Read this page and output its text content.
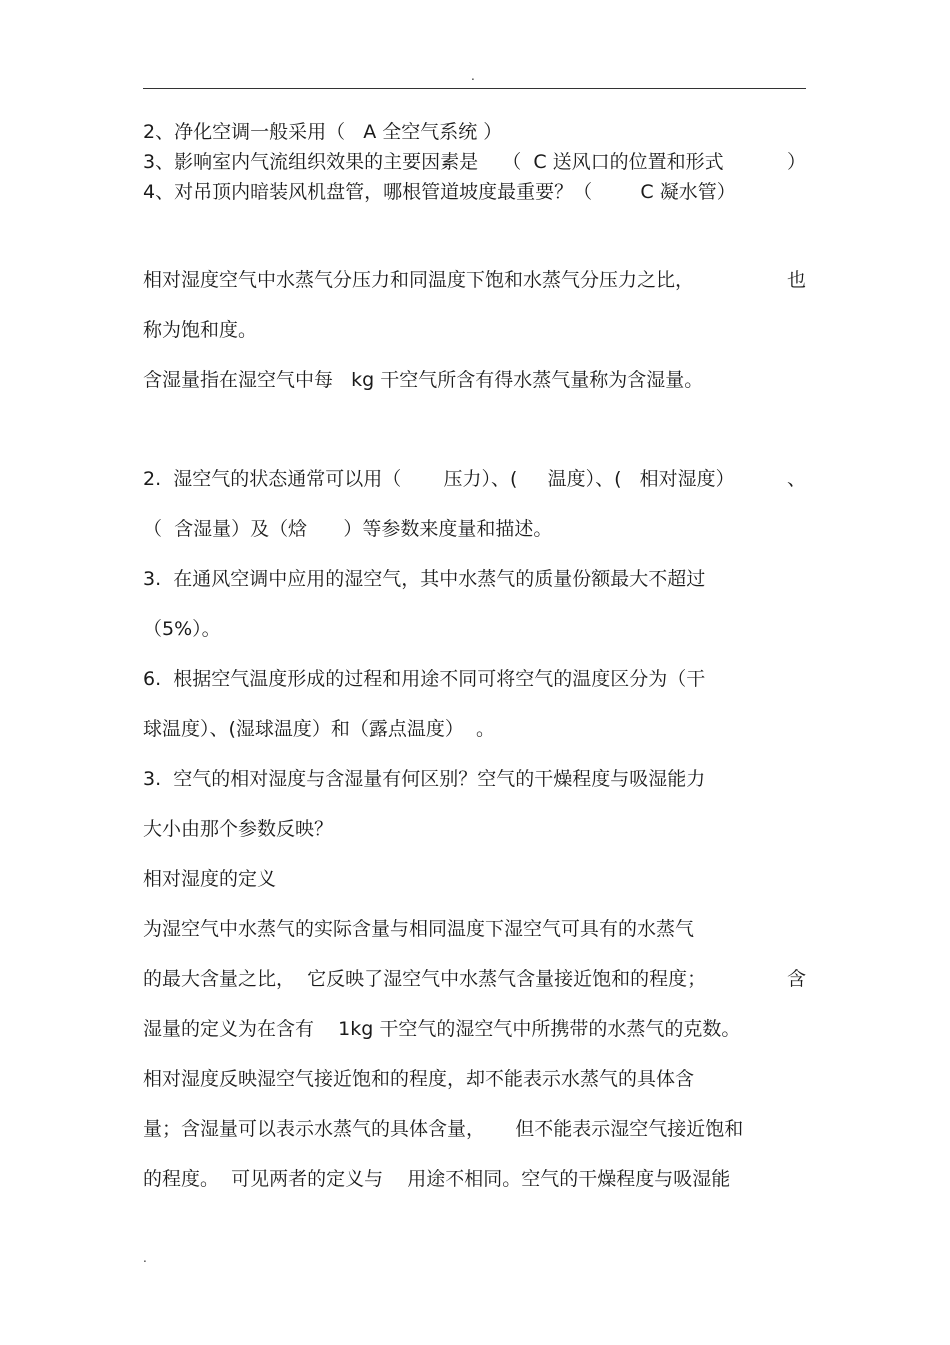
.
2、净化空调一般采用（   A 全空气系统 ）
3、影响室内气流组织效果的主要因素是    （  C 送风口的位置和形式	）
4、对吊顶内暗装风机盘管，哪根管道坡度最重要？（        C 凝水管）
相对湿度空气中水蒸气分压力和同温度下饱和水蒸气分压力之比，	也
称为饱和度。
含湿量指在湿空气中每   kg 干空气所含有得水蒸气量称为含湿量。
2.  湿空气的状态通常可以用（       压力）、(     温度）、(   相对湿度）	、
（  含湿量）及（焓      ）等参数来度量和描述。
3.  在通风空调中应用的湿空气，其中水蒸气的质量份额最大不超过
（5%）。
6.  根据空气温度形成的过程和用途不同可将空气的温度区分为（干
球温度）、(湿球温度）和（露点温度）  。
3.  空气的相对湿度与含湿量有何区别？空气的干燥程度与吸湿能力
大小由那个参数反映？
相对湿度的定义
为湿空气中水蒸气的实际含量与相同温度下湿空气可具有的水蒸气
的最大含量之比，  它反映了湿空气中水蒸气含量接近饱和的程度；	含
湿量的定义为在含有    1kg 干空气的湿空气中所携带的水蒸气的克数。
相对湿度反映湿空气接近饱和的程度，却不能表示水蒸气的具体含
量；含湿量可以表示水蒸气的具体含量，     但不能表示湿空气接近饱和
的程度。  可见两者的定义与    用途不相同。空气的干燥程度与吸湿能
.
